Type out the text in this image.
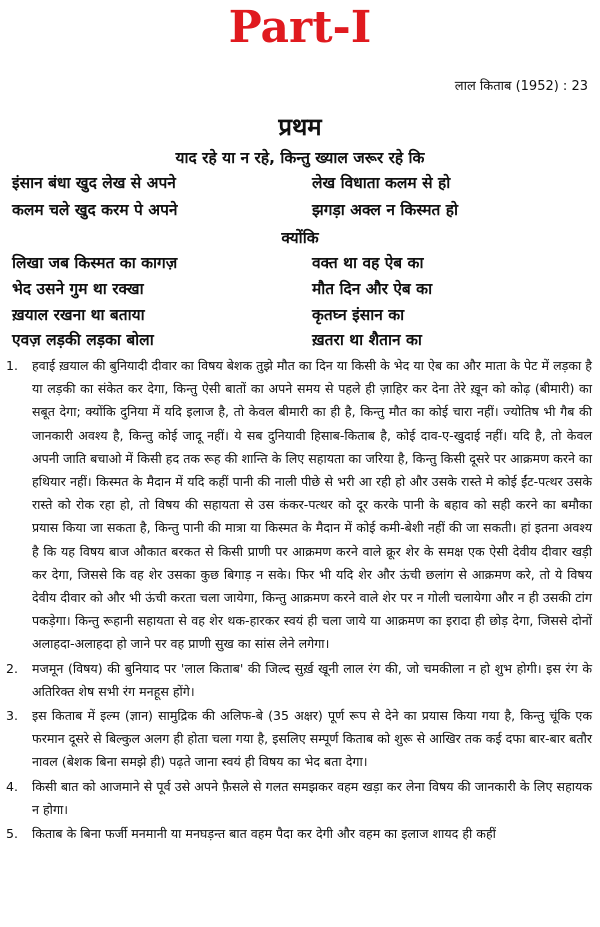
Part-I
लाल किताब (1952) : 23
प्रथम
याद रहे या न रहे, किन्तु ख्याल जरूर रहे कि
इंसान बंधा खुद लेख से अपने	लेख विधाता कलम से हो
कलम चले खुद करम पे अपने	झगड़ा अक्ल न किस्मत हो
क्योंकि
लिखा जब किस्मत का कागज़	वक्त था वह ऐब का
भेद उसने गुम था रक्खा	मौत दिन और ऐब का
ख़याल रखना था बताया	कृतघ्न इंसान का
एवज़ लड़की लड़का बोला	ख़तरा था शैतान का
1.	हवाई ख़याल की बुनियादी दीवार का विषय बेशक तुझे मौत का दिन या किसी के भेद या ऐब का और माता के पेट में लड़का है या लड़की का संकेत कर देगा, किन्तु ऐसी बातों का अपने समय से पहले ही ज़ाहिर कर देना तेरे ख़ून को कोढ़ (बीमारी) का सबूत देगा; क्योंकि दुनिया में यदि इलाज है, तो केवल बीमारी का ही है, किन्तु मौत का कोई चारा नहीं। ज्योतिष भी गैब की जानकारी अवश्य है, किन्तु कोई जादू नहीं। ये सब दुनियावी हिसाब-किताब है, कोई दाव-ए-खुदाई नहीं। यदि है, तो केवल अपनी जाति बचाओ में किसी हद तक रूह की शान्ति के लिए सहायता का जरिया है, किन्तु किसी दूसरे पर आक्रमण करने का हथियार नहीं। किस्मत के मैदान में यदि कहीं पानी की नाली पीछे से भरी आ रही हो और उसके रास्ते मे कोई ईंट-पत्थर उसके रास्ते को रोक रहा हो, तो विषय की सहायता से उस कंकर-पत्थर को दूर करके पानी के बहाव को सही करने का बमौका प्रयास किया जा सकता है, किन्तु पानी की मात्रा या किस्मत के मैदान में कोई कमी-बेशी नहीं की जा सकती। हां इतना अवश्य है कि यह विषय बाज औकात बरकत से किसी प्राणी पर आक्रमण करने वाले क्रूर शेर के समक्ष एक ऐसी देवीय दीवार खड़ी कर देगा, जिससे कि वह शेर उसका कुछ बिगाड़ न सके। फिर भी यदि शेर और ऊंची छलांग से आक्रमण करे, तो ये विषय देवीय दीवार को और भी ऊंची करता चला जायेगा, किन्तु आक्रमण करने वाले शेर पर न गोली चलायेगा और न ही उसकी टांग पकड़ेगा। किन्तु रूहानी सहायता से वह शेर थक-हारकर स्वयं ही चला जाये या आक्रमण का इरादा ही छोड़ देगा, जिससे दोनों अलाहदा-अलाहदा हो जाने पर वह प्राणी सुख का सांस लेने लगेगा।
2.	मजमून (विषय) की बुनियाद पर 'लाल किताब' की जिल्द सुर्ख़ खूनी लाल रंग की, जो चमकीला न हो शुभ होगी। इस रंग के अतिरिक्त शेष सभी रंग मनहूस होंगे।
3.	इस किताब में इल्म (ज्ञान) सामुद्रिक की अलिफ-बे (35 अक्षर) पूर्ण रूप से देने का प्रयास किया गया है, किन्तु चूंकि एक फरमान दूसरे से बिल्कुल अलग ही होता चला गया है, इसलिए सम्पूर्ण किताब को शुरू से आखिर तक कई दफा बार-बार बतौर नावल (बेशक बिना समझे ही) पढ़ते जाना स्वयं ही विषय का भेद बता देगा।
4.	किसी बात को आजमाने से पूर्व उसे अपने फ़ैसले से गलत समझकर वहम खड़ा कर लेना विषय की जानकारी के लिए सहायक न होगा।
5.	किताब के बिना फर्जी मनमानी या मनघड़न्त बात वहम पैदा कर देगी और वहम का इलाज शायद ही कहीं
